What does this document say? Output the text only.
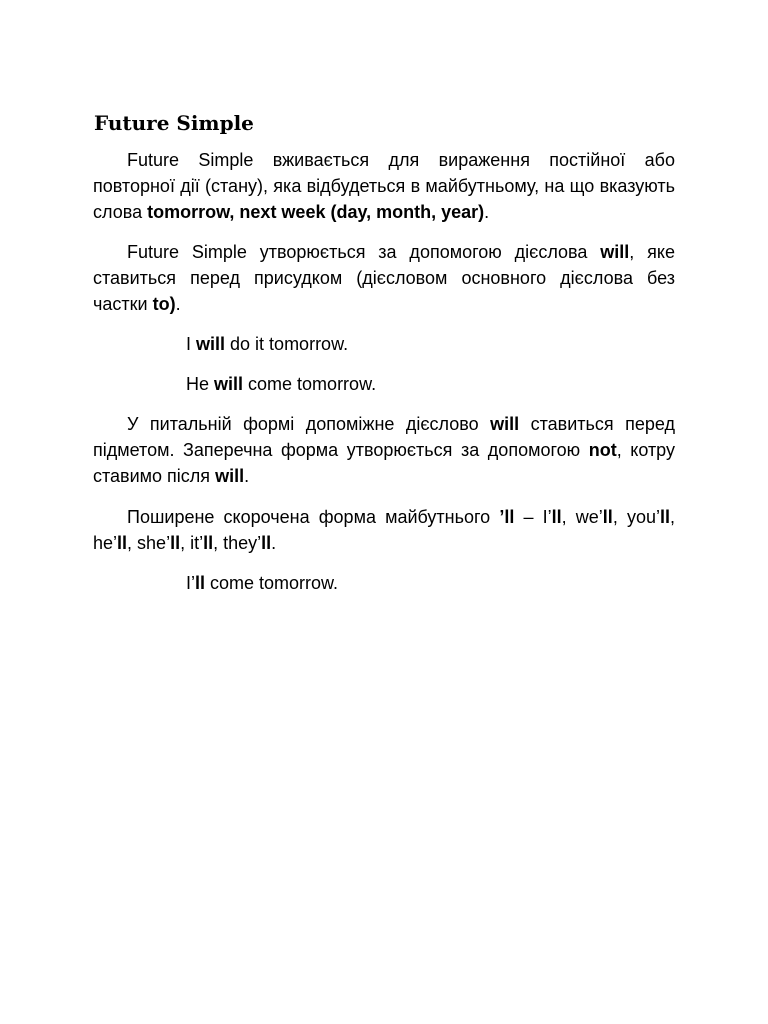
Future Simple

Future Simple вживається для вираження постійної або повторної дії (стану), яка відбудеться в майбутньому, на що вказують слова tomorrow, next week (day, month, year).

Future Simple утворюється за допомогою дієслова will, яке ставиться перед присудком (дієсловом основного дієслова без частки to).

I will do it tomorrow.

He will come tomorrow.

У питальній формі допоміжне дієслово will ставиться перед підметом. Заперечна форма утворюється за допомогою not, котру ставимо після will.

Поширене скорочена форма майбутнього ’ll – I’ll, we’ll, you’ll, he’ll, she’ll, it’ll, they’ll.

I’ll come tomorrow.
